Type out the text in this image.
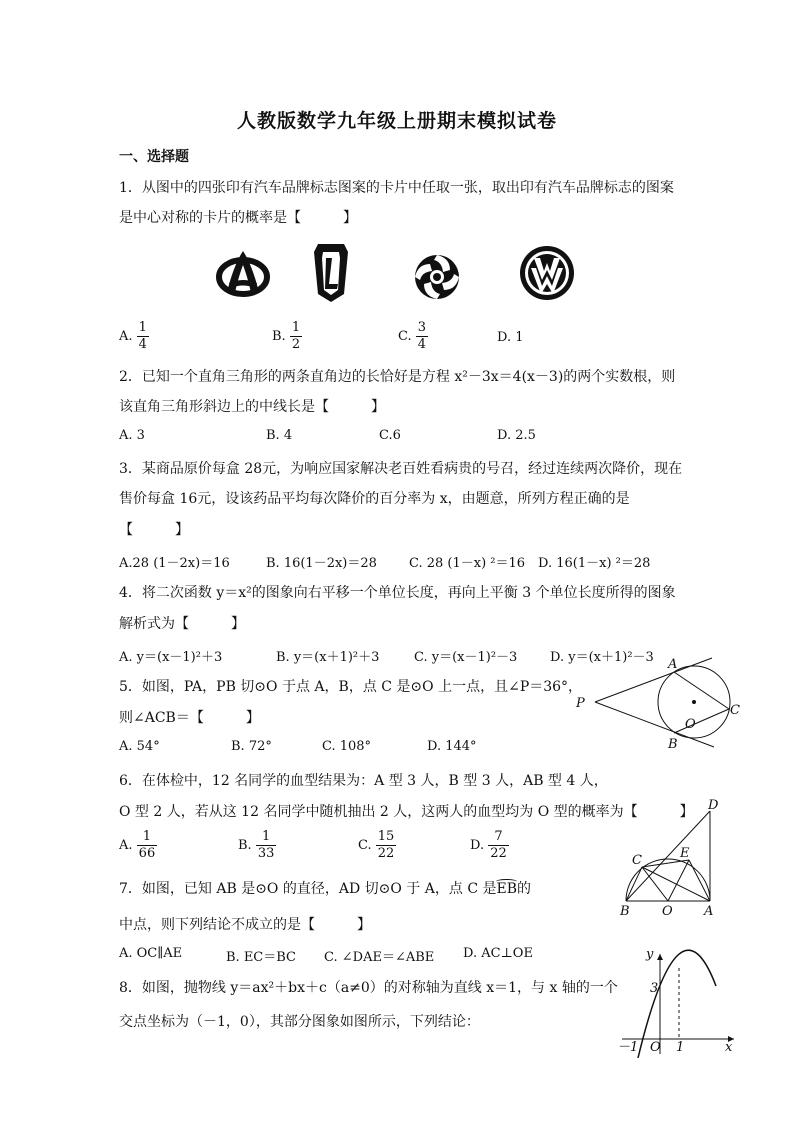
人教版数学九年级上册期末模拟试卷
一、选择题
1．从图中的四张印有汽车品牌标志图案的卡片中任取一张，取出印有汽车品牌标志的图案
是中心对称的卡片的概率是【　　　】
A. $\frac{1}{4}$	B. $\frac{1}{2}$	C. $\frac{3}{4}$	D. 1
2．已知一个直角三角形的两条直角边的长恰好是方程 x²－3x＝4(x－3)的两个实数根，则
该直角三角形斜边上的中线长是【　　　】
A. 3	B. 4	C.6	D. 2.5
3．某商品原价每盒 28元，为响应国家解决老百姓看病贵的号召，经过连续两次降价，现在
售价每盒 16元，设该药品平均每次降价的百分率为 x，由题意，所列方程正确的是
【　　　】
A.28 (1－2x)＝16	B. 16(1－2x)＝28 C. 28 (1－x) ²＝16 D. 16(1－x) ²＝28
4．将二次函数 y＝x²的图象向右平移一个单位长度，再向上平衡 3 个单位长度所得的图象
解析式为【　　　】
A. y＝(x－1)²＋3	B. y＝(x＋1)²＋3	C. y＝(x－1)²－3	D. y＝(x＋1)²－3
5．如图，PA，PB 切⊙O 于点 A，B，点 C 是⊙O 上一点，且∠P＝36°，
则∠ACB＝【　　　】
A. 54°	B. 72°	C. 108°	D. 144°
P
A
B
C
O
6．在体检中，12 名同学的血型结果为：A 型 3 人，B 型 3 人，AB 型 4 人，
O 型 2 人，若从这 12 名同学中随机抽出 2 人，这两人的血型均为 O 型的概率为【　　　】
A. $\frac{1}{66}$	B. $\frac{1}{33}$	C. $\frac{15}{22}$	D. $\frac{7}{22}$
7．如图，已知 AB 是⊙O 的直径，AD 切⊙O 于 A，点 C 是
EB的
中点，则下列结论不成立的是【　　　】
A. OC∥AE	B. EC＝BC C. ∠DAE＝∠ABE D. AC⊥OE
D
C	E
B O A
8．如图，抛物线 y＝ax²＋bx＋c（a≠0）的对称轴为直线 x＝1，与 x 轴的一个
交点坐标为（－1，0），其部分图象如图所示，下列结论：
y
x
3
－1 O 1
